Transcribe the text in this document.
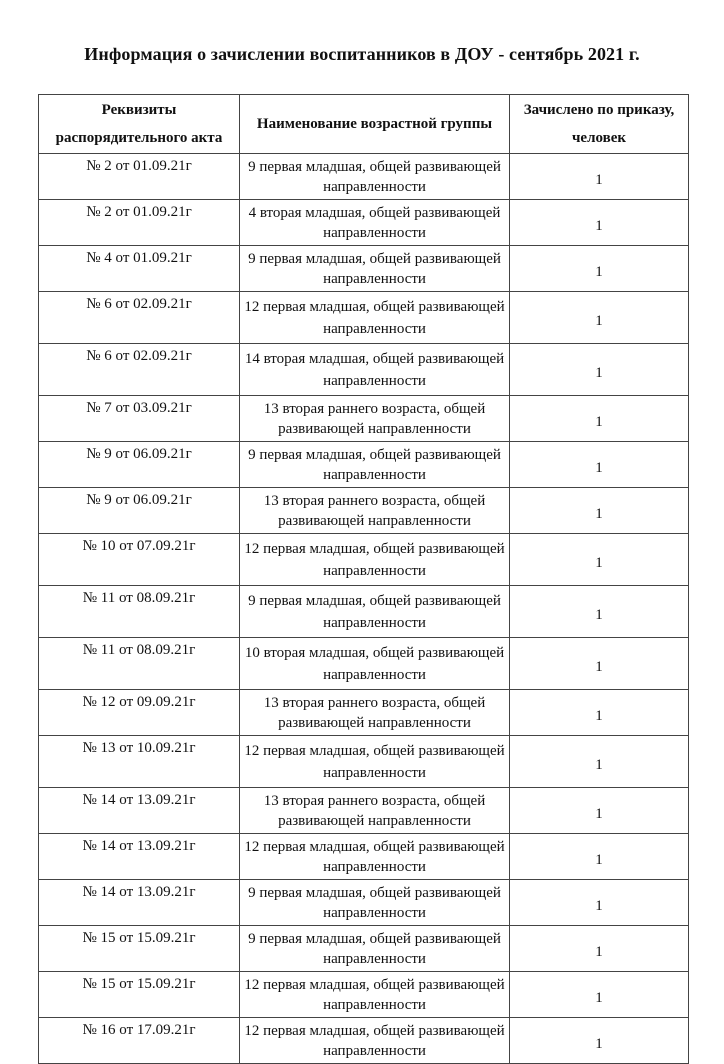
Информация о зачислении воспитанников в ДОУ - сентябрь 2021 г.
Реквизиты распорядительного акта	Наименование возрастной группы	Зачислено по приказу, человек
№ 2 от 01.09.21г	9 первая младшая, общей развивающей направленности	1
№ 2 от 01.09.21г	4 вторая младшая, общей развивающей направленности	1
№ 4 от 01.09.21г	9 первая младшая, общей развивающей направленности	1
№ 6 от 02.09.21г	12 первая младшая, общей развивающей направленности	1
№ 6 от 02.09.21г	14 вторая младшая, общей развивающей направленности	1
№ 7 от 03.09.21г	13 вторая раннего возраста, общей развивающей направленности	1
№ 9 от 06.09.21г	9 первая младшая, общей развивающей направленности	1
№ 9 от 06.09.21г	13 вторая раннего возраста, общей развивающей направленности	1
№ 10 от 07.09.21г	12 первая младшая, общей развивающей направленности	1
№ 11 от 08.09.21г	9 первая младшая, общей развивающей направленности	1
№ 11 от 08.09.21г	10 вторая младшая, общей развивающей направленности	1
№ 12 от 09.09.21г	13 вторая раннего возраста, общей развивающей направленности	1
№ 13 от 10.09.21г	12 первая младшая, общей развивающей направленности	1
№ 14 от 13.09.21г	13 вторая раннего возраста, общей развивающей направленности	1
№ 14 от 13.09.21г	12 первая младшая, общей развивающей направленности	1
№ 14 от 13.09.21г	9 первая младшая, общей развивающей направленности	1
№ 15 от 15.09.21г	9 первая младшая, общей развивающей направленности	1
№ 15 от 15.09.21г	12 первая младшая, общей развивающей направленности	1
№ 16 от 17.09.21г	12 первая младшая, общей развивающей направленности	1
